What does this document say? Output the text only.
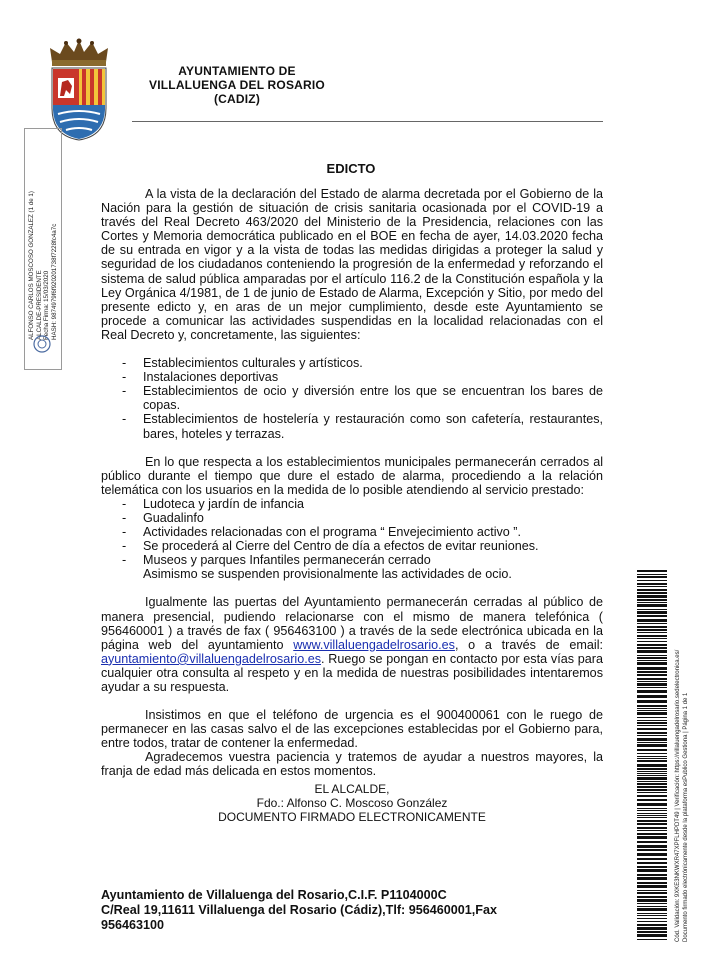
AYUNTAMIENTO DE
VILLALUENGA DEL ROSARIO
(CADIZ)
ALFONSO CARLOS MOSCOSO GONZALEZ (1 de 1) ALCALDE-PRESIDENTE Fecha Firma: 15/03/2020 HASH: 9874979f6f920201738f7228fc4a7c
EDICTO

A la vista de la declaración del Estado de alarma decretada por el Gobierno de la Nación para la gestión de situación de crisis sanitaria ocasionada por el COVID-19 a través del Real Decreto 463/2020 del Ministerio de la Presidencia, relaciones con las Cortes y Memoria democrática publicado en el BOE en fecha de ayer, 14.03.2020 fecha de su entrada en vigor y a la vista de todas las medidas dirigidas a proteger la salud y seguridad de los ciudadanos conteniendo la progresión de la enfermedad y reforzando el sistema de salud pública amparadas por el artículo 116.2 de la Constitución española y la Ley Orgánica 4/1981, de 1 de junio de Estado de Alarma, Excepción y Sitio, por medo del presente edicto y, en aras de un mejor cumplimiento, desde este Ayuntamiento se procede a comunicar las actividades suspendidas en la localidad relacionadas con el Real Decreto y, concretamente, las siguientes:

- Establecimientos culturales y artísticos.
- Instalaciones deportivas
- Establecimientos de ocio y diversión entre los que se encuentran los bares de copas.
- Establecimientos de hostelería y restauración como son cafetería, restaurantes, bares, hoteles y terrazas.

En lo que respecta a los establecimientos municipales permanecerán cerrados al público durante el tiempo que dure el estado de alarma, procediendo a la relación telemática con los usuarios en la medida de lo posible atendiendo al servicio prestado:

- Ludoteca y jardín de infancia
- Guadalinfo
- Actividades relacionadas con el programa “ Envejecimiento activo ”.
- Se procederá al Cierre del Centro de día a efectos de evitar reuniones.
- Museos y parques Infantiles permanecerán cerrado
Asimismo se suspenden provisionalmente las actividades de ocio.

Igualmente las puertas del Ayuntamiento permanecerán cerradas al público de manera presencial, pudiendo relacionarse con el mismo de manera telefónica ( 956460001 ) a través de fax ( 956463100 ) a través de la sede electrónica ubicada en la página web del ayuntamiento www.villaluengadelrosario.es, o a través de email: ayuntamiento@villaluengadelrosario.es. Ruego se pongan en contacto por esta vías para cualquier otra consulta al respeto y en la medida de nuestras posibilidades intentaremos ayudar a su respuesta.

Insistimos en que el teléfono de urgencia es el 900400061 con le ruego de permanecer en las casas salvo el de las excepciones establecidas por el Gobierno para, entre todos, tratar de contener la enfermedad.

Agradecemos vuestra paciencia y tratemos de ayudar a nuestros mayores, la franja de edad más delicada en estos momentos.

EL ALCALDE,
Fdo.: Alfonso C. Moscoso González
DOCUMENTO FIRMADO ELECTRONICAMENTE
Ayuntamiento de Villaluenga del Rosario,C.I.F. P1104000C
C/Real 19,11611 Villaluenga del Rosario (Cádiz),Tlf: 956460001,Fax
956463100	Cód. Validación: 9XKE3NKWXR47XPFLHPDT49 | Verificación: https://villaluengadelrosario.sedelectronica.es/ Documento firmado electrónicamente desde la plataforma esPublico Gestiona | Página 1 de 1
